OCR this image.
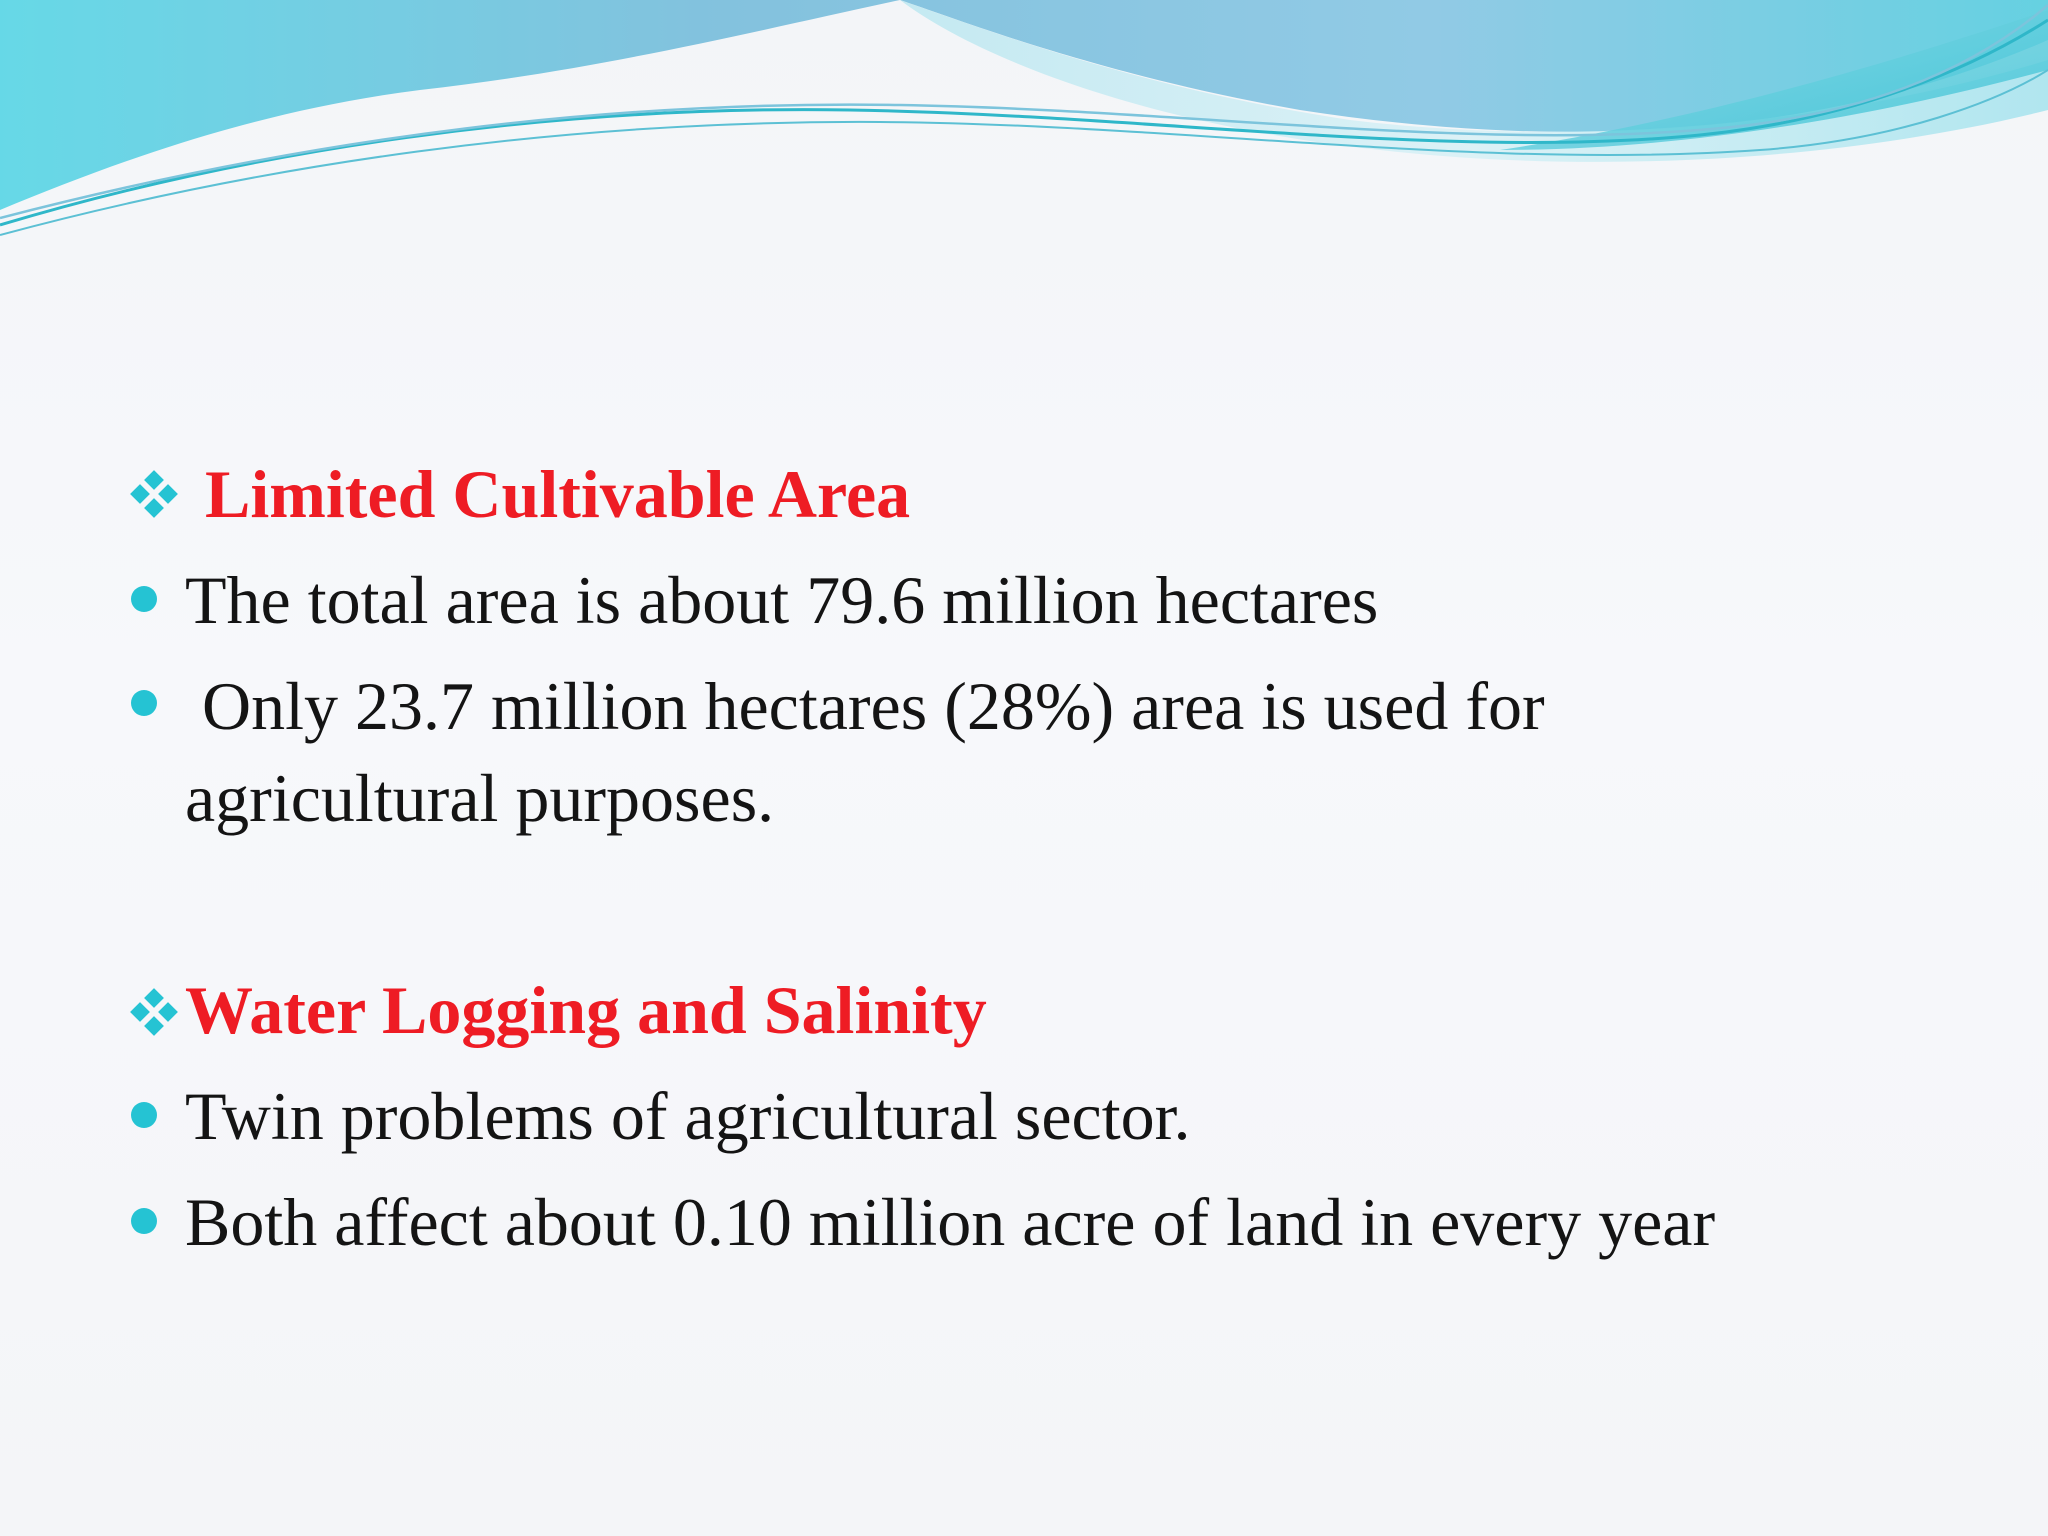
Limited Cultivable Area
The total area is about 79.6 million hectares
Only 23.7 million hectares (28%) area is used for
agricultural purposes.
Water Logging and Salinity
Twin problems of agricultural sector.
Both affect about 0.10 million acre of land in every year
